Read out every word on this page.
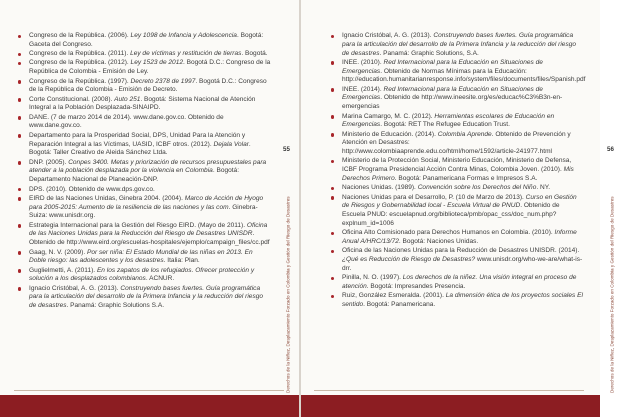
Congreso de la República. (2006). Ley 1098 de Infancia y Adolescencia. Bogotá: Gaceta del Congreso.
Congreso de la República. (2011). Ley de víctimas y restitución de tierras. Bogotá.
Congreso de la República. (2012). Ley 1523 de 2012. Bogotá D.C.: Congreso de la República de Colombia - Emisión de Ley.
Congreso de la República. (1997). Decreto 2378 de 1997. Bogotá D.C.: Congreso de la República de Colombia - Emisión de Decreto.
Corte Constitucional. (2008). Auto 251. Bogotá: Sistema Nacional de Atención Integral a la Población Desplazada-SINAIPD.
DANE. (7 de marzo 2014 de 2014). www.dane.gov.co. Obtenido de www.dane.gov.co.
Departamento para la Prosperidad Social, DPS, Unidad Para la Atención y Reparación Integral a las Víctimas, UASID, ICBF otros. (2012). Dejala Volar. Bogotá: Taller Creativo de Aleida Sánchez Ltda.
DNP. (2005). Conpes 3400. Metas y priorización de recursos presupuestales para atender a la población desplazada por la violencia en Colombia. Bogotá: Departamento Nacional de Planeación-DNP.
DPS. (2010). Obtenido de www.dps.gov.co.
EIRD de las Naciones Unidas, Ginebra 2004. (2004). Marco de Acción de Hyogo para 2005-2015: Aumento de la resiliencia de las naciones y las com. Ginebra-Suiza: www.unisdr.org.
Estrategia Internacional para la Gestión del Riesgo EIRD. (Mayo de 2011). Oficina de las Naciones Unidas para la Reducción del Riesgo de Desastres UNISDR. Obtenido de http://www.eird.org/escuelas-hospitales/ejemplo/campaign_files/cc.pdf
Gaag, N. V. (2009). Por ser niña: El Estado Mundial de las niñas en 2013. En Doble riesgo: las adolescentes y los desastres. Italia: Plan.
Guglielmetti, A. (2011). En los zapatos de los refugiados. Ofrecer protección y solución a los desplazados colombianos. ACNUR.
Ignacio Cristóbal, A. G. (2013). Construyendo bases fuertes. Guía programática para la articulación del desarrollo de la Primera Infancia y la reducción del riesgo de desastres. Panamá: Graphic Solutions S.A.
55
Derechos de la Niñez, Desplazamiento Forzado en Colombia y Gestión del Riesgo de Desastres
Ignacio Cristóbal, A. G. (2013). Construyendo bases fuertes. Guía programática para la articulación del desarrollo de la Primera Infancia y la reducción del riesgo de desastres. Panamá: Graphic Solutions, S.A.
INEE. (2010). Red Internacional para la Educación en Situaciones de Emergencias. Obtenido de Normas Mínimas para la Educación: http://education.humanitarianresponse.info/system/files/documents/files/Spanish.pdf
INEE. (2014). Red Internacional para la Educación en Situaciones de Emergencias. Obtenido de http://www.ineesite.org/es/educac%C3%B3n-en-emergencias
Marina Camargo, M. C. (2012). Herramientas escolares de Educación en Emergencias. Bogotá: RET The Refugee Education Trust.
Ministerio de Educación. (2014). Colombia Aprende. Obtenido de Prevención y Atención en Desastres: http://www.colombiaaprende.edu.co/html/home/1592/article-241977.html
Ministerio de la Protección Social, Ministerio Educación, Ministerio de Defensa, ICBF Programa Presidencial Acción Contra Minas, Colombia Joven. (2010). Mis Derechos Primero. Bogotá: Panamericana Formas e Impresos S.A.
Naciones Unidas. (1989). Convención sobre los Derechos del Niño. NY.
Naciones Unidas para el Desarrollo, P. (10 de Marzo de 2013). Curso en Gestión de Riesgos y Gobernabilidad local - Escuela Virtual de PNUD. Obtenido de Escuela PNUD: escuelapnud.org/biblioteca/pmb/opac_css/doc_num.php?explnum_id=1006
Oficina Alto Comisionado para Derechos Humanos en Colombia. (2010). Informe Anual A/HRC/13/72. Bogotá: Naciones Unidas.
Oficina de las Naciones Unidas para la Reducción de Desastres UNISDR. (2014). ¿Qué es Reducción de Riesgo de Desastres? www.unisdr.org/who-we-are/what-is-drr.
Pinilla, N. O. (1997). Los derechos de la niñez. Una visión integral en proceso de atención. Bogotá: Impresandes Presencia.
Ruiz, González Esmeralda. (2001). La dimensión ética de los proyectos sociales El sentido. Bogotá: Panamericana.
56
Derechos de la Niñez, Desplazamiento Forzado en Colombia y Gestión del Riesgo de Desastres
